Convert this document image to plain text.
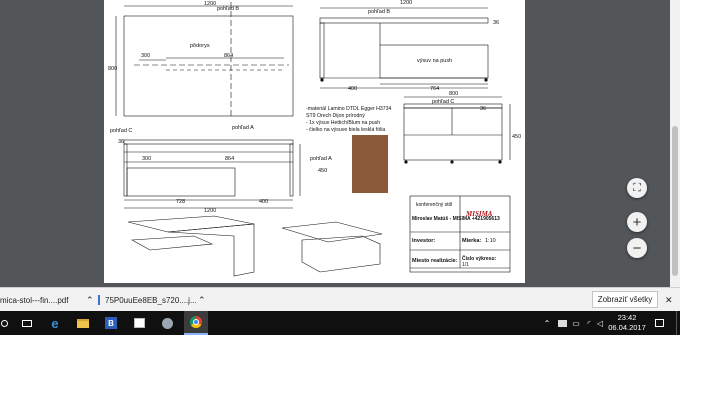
1200
pohľad B
800
pôdorys
300	864
pohľad C	pohľad A
1200
pohľad B
36
výsuv na push
400	764
-materiál Lamino DTDL Egger H3734
ST9 Orech Dijon prírodný
- 1x výsuv Hettich/Blum na push
- čielko na výsuve biela lesklá fólia
pohľad C
800
36
450
36
300	864
728	400
1200
pohľad A
450
konferenčný stôl
Miroslav Matúš - MISIMA +421905613
Investor:	Mierka: 1:10
Miesto realizácie: Číslo výkresu:
1/1
MISIMA
⛶
+
−
mica-stol---fin....pdf ⌃ 75P0uuEe8EB_s720....j... ⌃	Zobraziť všetky	✕
e	B	⌃	▭ ◜ ◁
23:42
06.04.2017
